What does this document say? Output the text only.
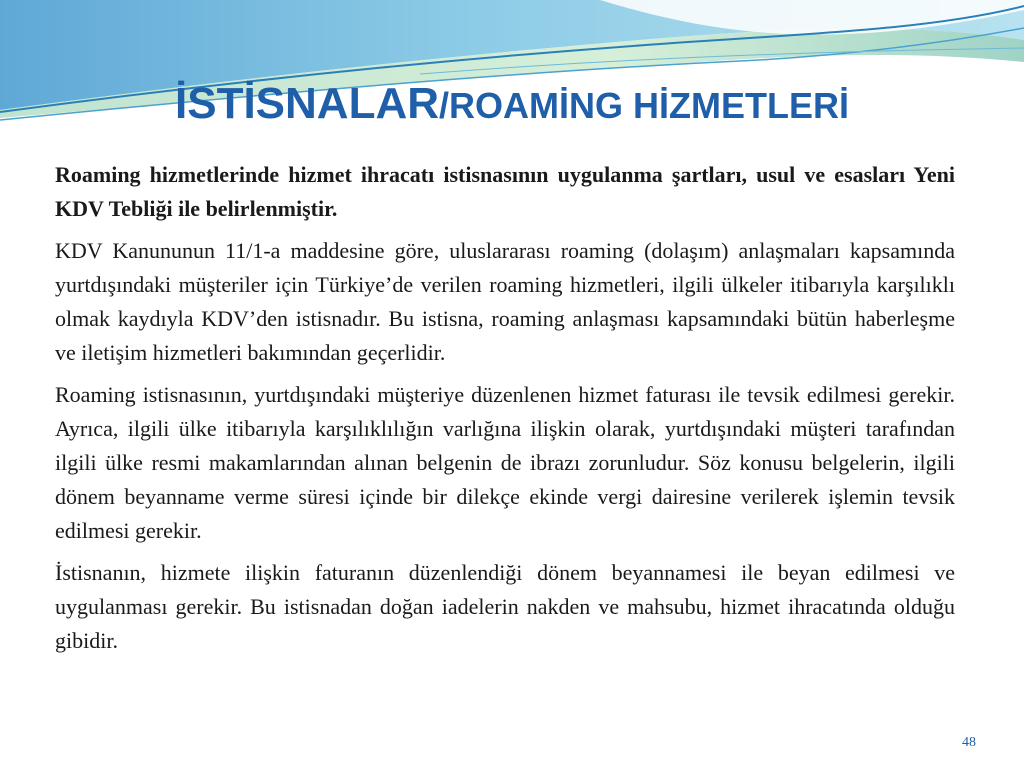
İSTİSNALAR/ROAMİNG HİZMETLERİ

Roaming hizmetlerinde hizmet ihracatı istisnasının uygulanma şartları, usul ve esasları Yeni KDV Tebliği ile belirlenmiştir.

KDV Kanununun 11/1-a maddesine göre, uluslararası roaming (dolaşım) anlaşmaları kapsamında yurtdışındaki müşteriler için Türkiye’de verilen roaming hizmetleri, ilgili ülkeler itibarıyla karşılıklı olmak kaydıyla KDV’den istisnadır. Bu istisna, roaming anlaşması kapsamındaki bütün haberleşme ve iletişim hizmetleri bakımından geçerlidir.

Roaming istisnasının, yurtdışındaki müşteriye düzenlenen hizmet faturası ile tevsik edilmesi gerekir. Ayrıca, ilgili ülke itibarıyla karşılıklılığın varlığına ilişkin olarak, yurtdışındaki müşteri tarafından ilgili ülke resmi makamlarından alınan belgenin de ibrazı zorunludur. Söz konusu belgelerin, ilgili dönem beyanname verme süresi içinde bir dilekçe ekinde vergi dairesine verilerek işlemin tevsik edilmesi gerekir.

İstisnanın, hizmete ilişkin faturanın düzenlendiği dönem beyannamesi ile beyan edilmesi ve uygulanması gerekir. Bu istisnadan doğan iadelerin nakden ve mahsubu, hizmet ihracatında olduğu gibidir.

48
